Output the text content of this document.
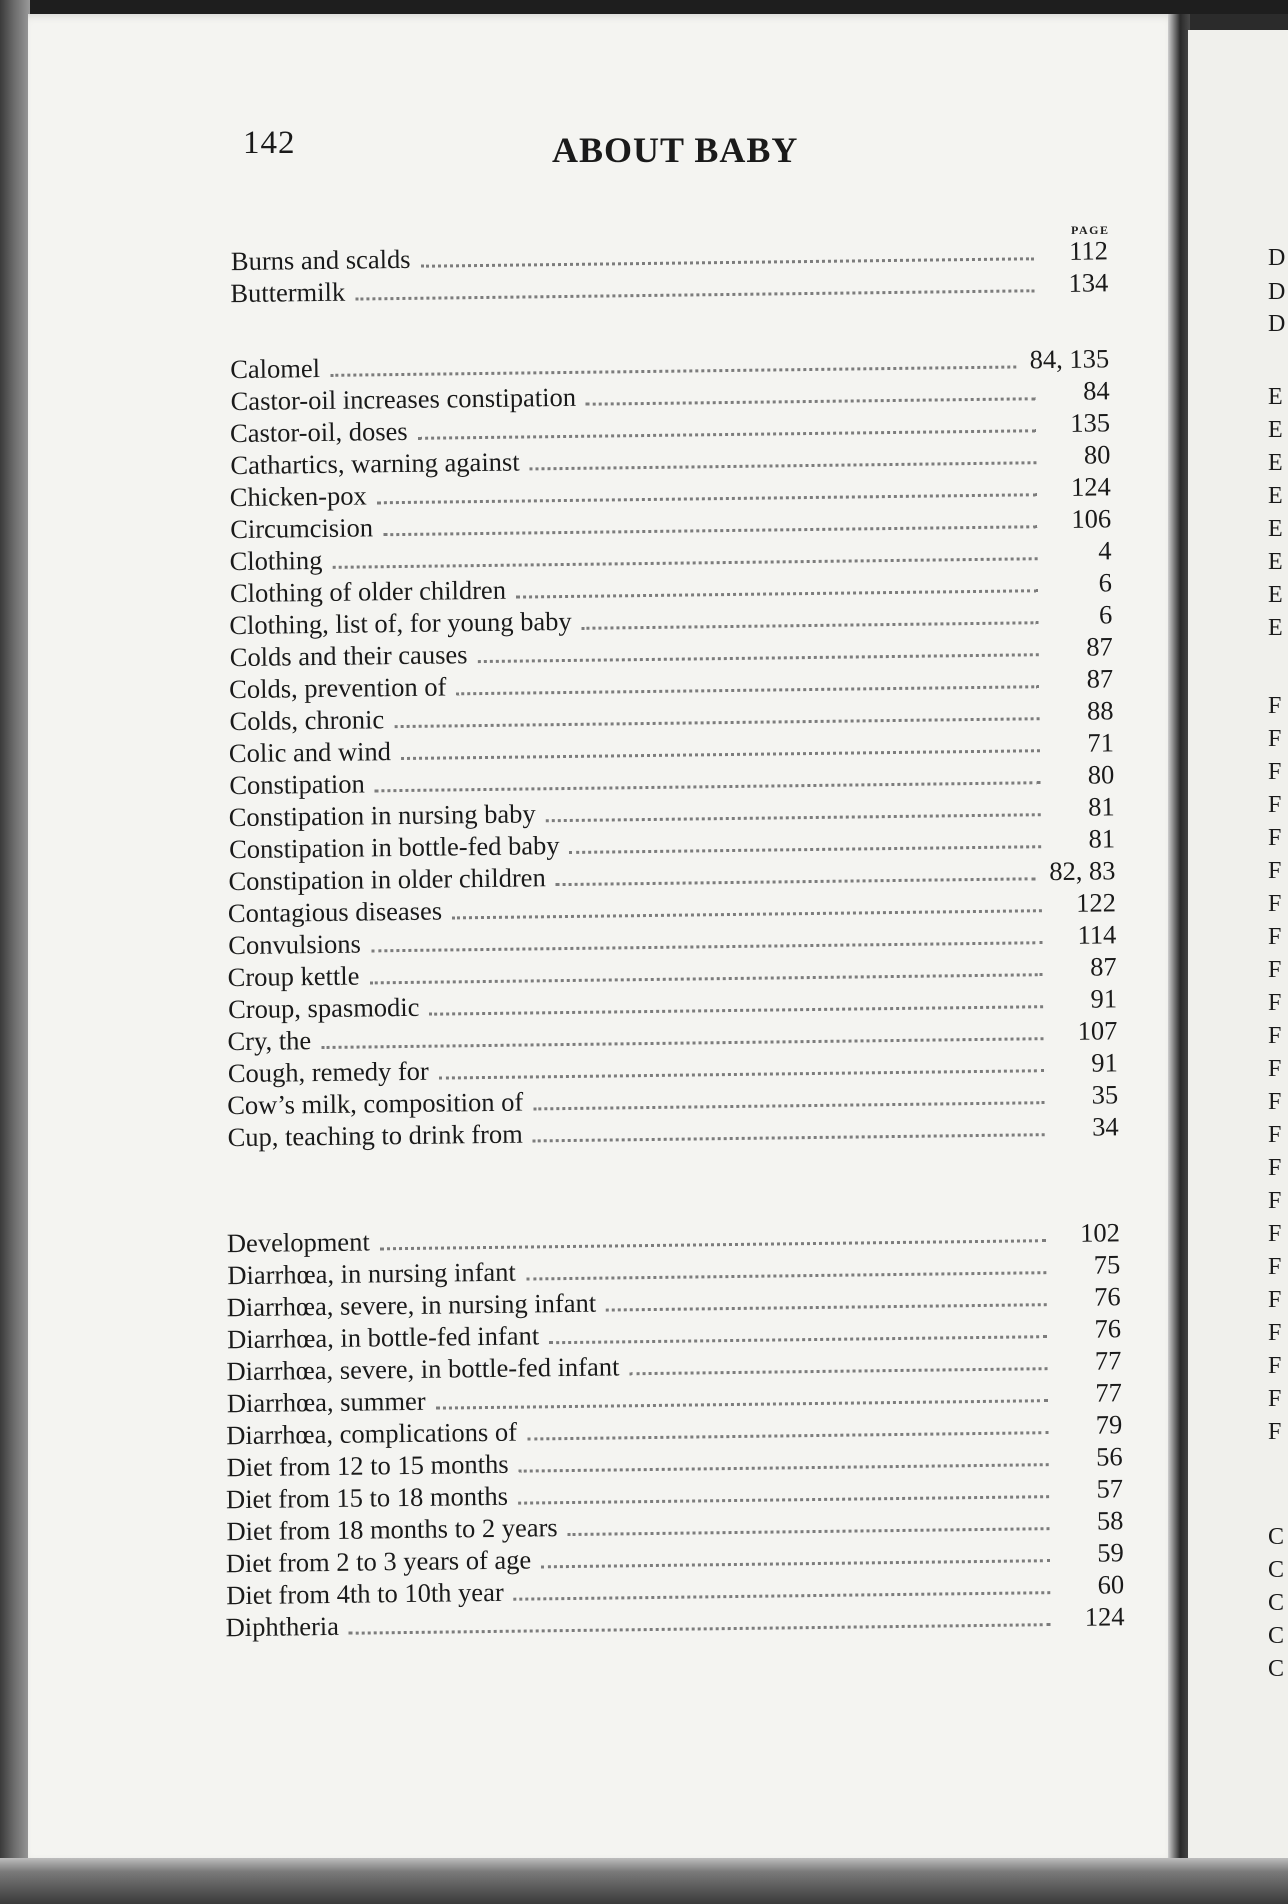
142	ABOUT BABY
PAGE
Burns and scalds	112
Buttermilk	134
Calomel	84, 135
Castor-oil increases constipation	84
Castor-oil, doses	135
Cathartics, warning against	80
Chicken-pox	124
Circumcision	106
Clothing	4
Clothing of older children	6
Clothing, list of, for young baby	6
Colds and their causes	87
Colds, prevention of	87
Colds, chronic	88
Colic and wind	71
Constipation	80
Constipation in nursing baby	81
Constipation in bottle-fed baby	81
Constipation in older children	82, 83
Contagious diseases	122
Convulsions	114
Croup kettle	87
Croup, spasmodic	91
Cry, the	107
Cough, remedy for	91
Cow’s milk, composition of	35
Cup, teaching to drink from	34
Development	102
Diarrhœa, in nursing infant	75
Diarrhœa, severe, in nursing infant	76
Diarrhœa, in bottle-fed infant	76
Diarrhœa, severe, in bottle-fed infant	77
Diarrhœa, summer	77
Diarrhœa, complications of	79
Diet from 12 to 15 months	56
Diet from 15 to 18 months	57
Diet from 18 months to 2 years	58
Diet from 2 to 3 years of age	59
Diet from 4th to 10th year	60
Diphtheria	124
D
D
D
E
E
E
E
E
E
E
E
F
F
F
F
F
F
F
F
F
F
F
F
F
F
F
F
F
F
F
F
F
F
F
C
C
C
C
C
